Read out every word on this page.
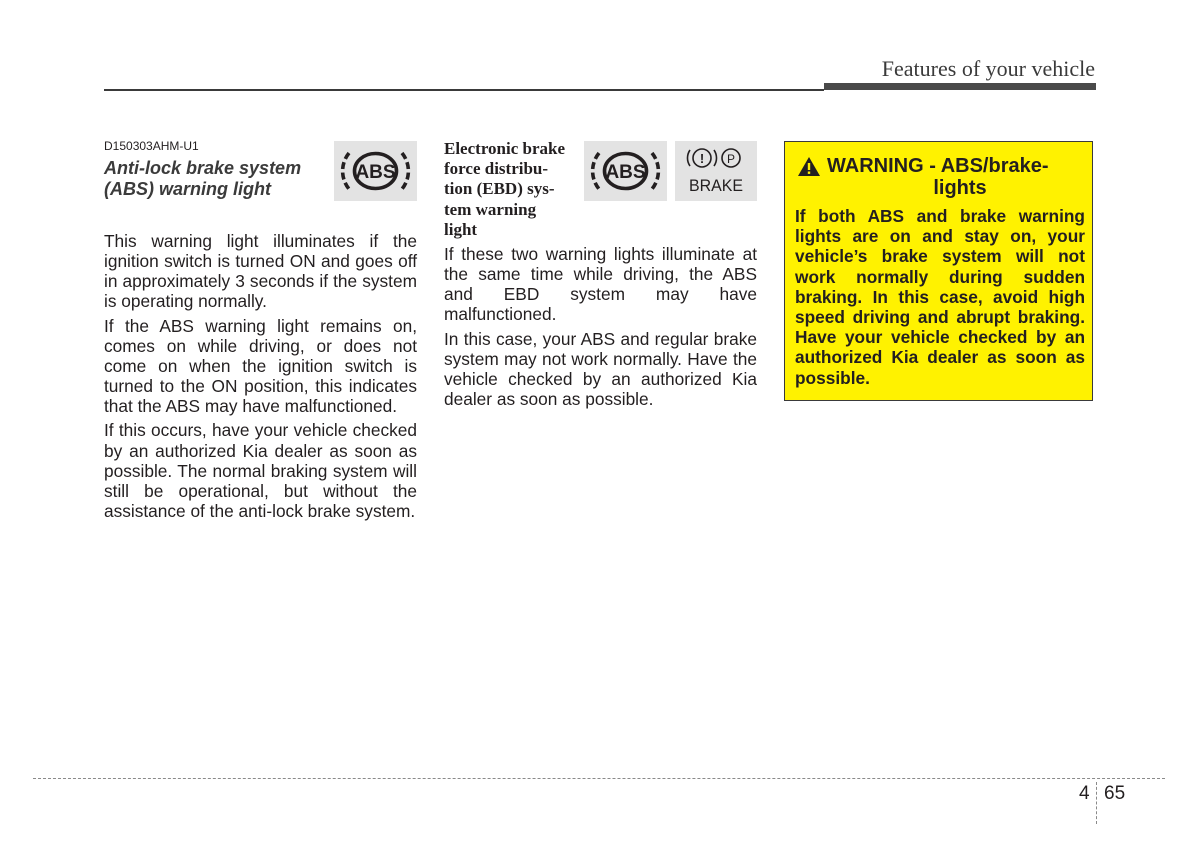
Features of your vehicle
D150303AHM-U1
Anti-lock brake system
(ABS) warning light
ABS

This warning light illuminates if the ignition switch is turned ON and goes off in approximately 3 seconds if the system is operating normally.

If the ABS warning light remains on, comes on while driving, or does not come on when the ignition switch is turned to the ON position, this indicates that the ABS may have malfunctioned.

If this occurs, have your vehicle checked by an authorized Kia dealer as soon as possible. The normal braking system will still be operational, but without the assistance of the anti-lock brake system.

Electronic brake
force distribu-
tion (EBD) sys-
tem warning
light
ABS
! P
BRAKE

If these two warning lights illuminate at the same time while driving, the ABS and EBD system may have malfunctioned.

In this case, your ABS and regular brake system may not work normally. Have the vehicle checked by an authorized Kia dealer as soon as possible.

WARNING - ABS/brake-
lights
If both ABS and brake warning lights are on and stay on, your vehicle’s brake system will not work normally during sudden braking. In this case, avoid high speed driving and abrupt braking. Have your vehicle checked by an authorized Kia dealer as soon as possible.
4 65
